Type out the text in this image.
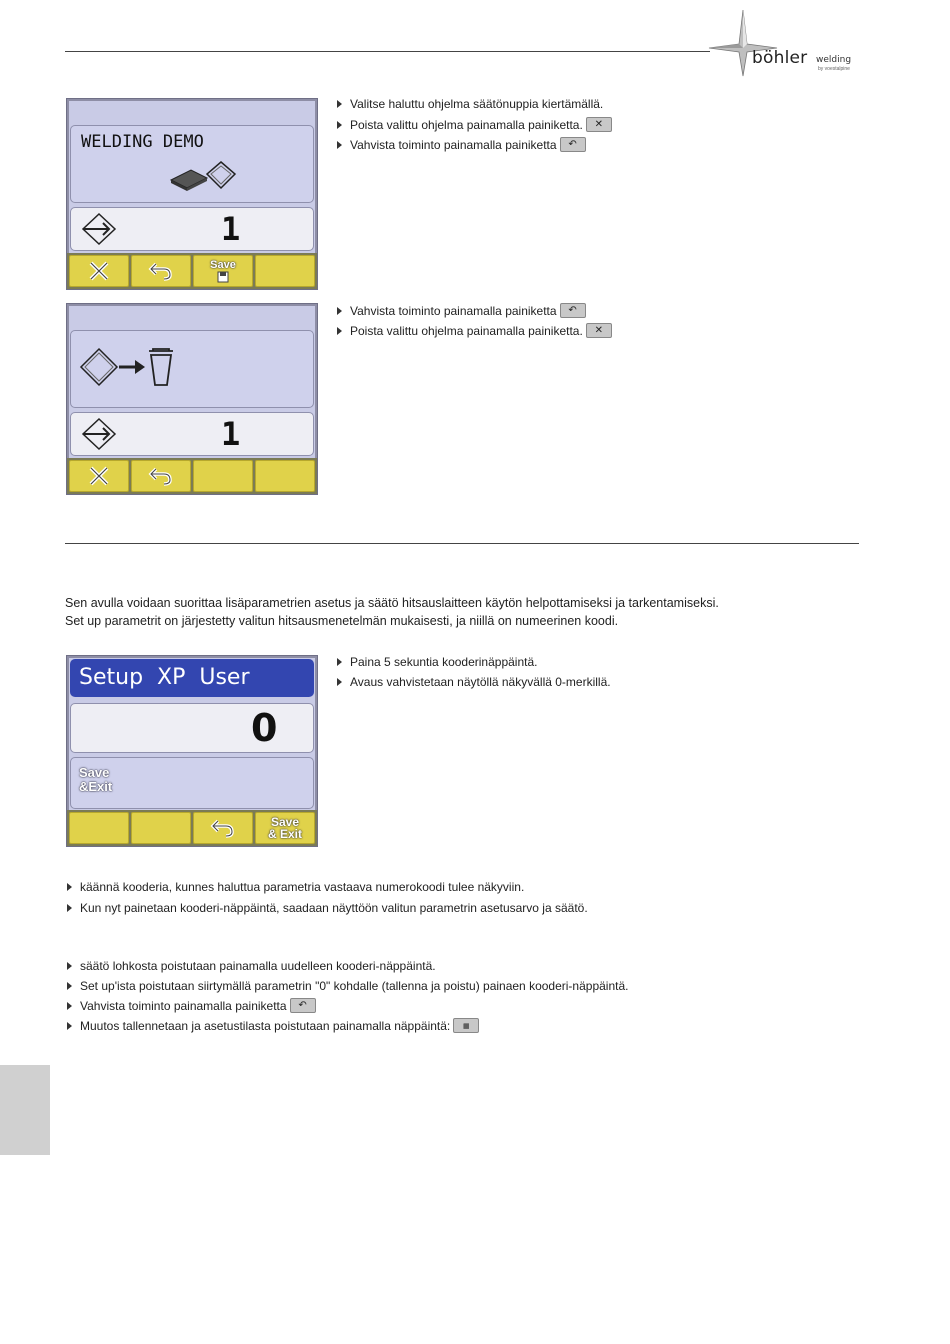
böhler welding
by voestalpine
WELDING DEMO
1
Save
Valitse haluttu ohjelma säätönuppia kiertämällä.
Poista valittu ohjelma painamalla painiketta.	✕
Vahvista toiminto painamalla painiketta	↶
1
Vahvista toiminto painamalla painiketta	↶
Poista valittu ohjelma painamalla painiketta.	✕
Sen avulla voidaan suorittaa lisäparametrien asetus ja säätö hitsauslaitteen käytön helpottamiseksi ja tarkentamiseksi.
Set up parametrit on järjestetty valitun hitsausmenetelmän mukaisesti, ja niillä on numeerinen koodi.
Setup  XP  User
0
Save
&Exit
Save
& Exit
Paina 5 sekuntia kooderinäppäintä.
Avaus vahvistetaan näytöllä näkyvällä 0-merkillä.
käännä kooderia, kunnes haluttua parametria vastaava numerokoodi tulee näkyviin.
Kun nyt painetaan kooderi-näppäintä, saadaan näyttöön valitun parametrin asetusarvo ja säätö.
säätö lohkosta poistutaan painamalla uudelleen kooderi-näppäintä.
Set up'ista poistutaan siirtymällä parametrin "0" kohdalle (tallenna ja poistu) painaen kooderi-näppäintä.
Vahvista toiminto painamalla painiketta	↶
Muutos tallennetaan ja asetustilasta poistutaan painamalla näppäintä:	▦
